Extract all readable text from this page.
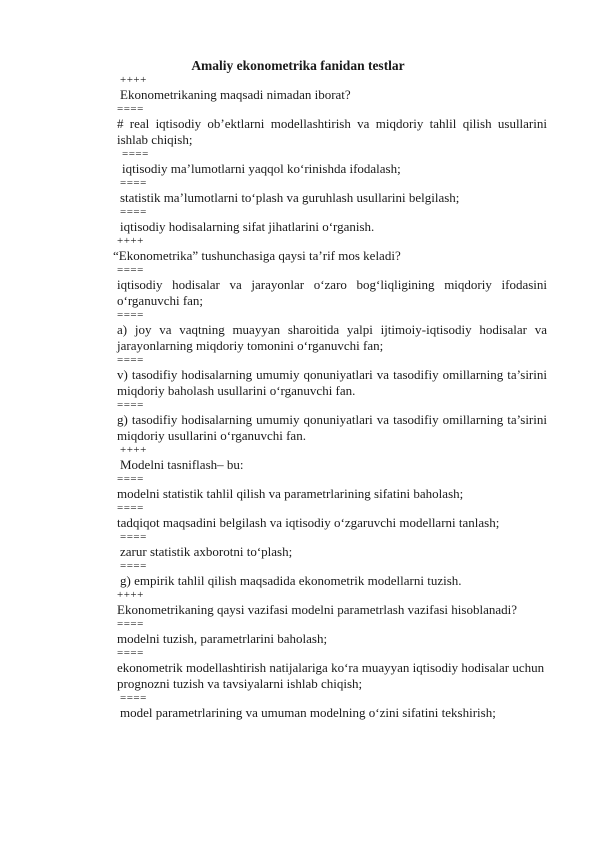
Amaliy ekonometrika fanidan testlar
++++
Ekonometrikaning maqsadi nimadan iborat?
====
# real iqtisodiy ob’ektlarni modellashtirish va miqdoriy tahlil qilish usullarini ishlab chiqish;
====
iqtisodiy ma’lumotlarni yaqqol ko‘rinishda ifodalash;
====
statistik ma’lumotlarni to‘plash va guruhlash usullarini belgilash;
====
iqtisodiy hodisalarning sifat jihatlarini o‘rganish.
++++
“Ekonometrika” tushunchasiga qaysi ta’rif mos keladi?
====
iqtisodiy hodisalar va jarayonlar o‘zaro bog‘liqligining miqdoriy ifodasini o‘rganuvchi fan;
====
a) joy va vaqtning muayyan sharoitida yalpi ijtimoiy-iqtisodiy hodisalar va jarayonlarning miqdoriy tomonini o‘rganuvchi fan;
====
v) tasodifiy hodisalarning umumiy qonuniyatlari va tasodifiy omillarning ta’sirini miqdoriy baholash usullarini o‘rganuvchi fan.
====
g) tasodifiy hodisalarning umumiy qonuniyatlari va tasodifiy omillarning ta’sirini miqdoriy usullarini o‘rganuvchi fan.
++++
Modelni tasniflash– bu:
====
modelni statistik tahlil qilish va parametrlarining sifatini baholash;
====
tadqiqot maqsadini belgilash va iqtisodiy o‘zgaruvchi modellarni tanlash;
====
zarur statistik axborotni to‘plash;
====
g) empirik tahlil qilish maqsadida ekonometrik modellarni tuzish.
++++
Ekonometrikaning qaysi vazifasi modelni parametrlash vazifasi hisoblanadi?
====
modelni tuzish, parametrlarini baholash;
====
ekonometrik modellashtirish natijalariga ko‘ra muayyan iqtisodiy hodisalar uchun prognozni tuzish va tavsiyalarni ishlab chiqish;
====
model parametrlarining va umuman modelning o‘zini sifatini tekshirish;
